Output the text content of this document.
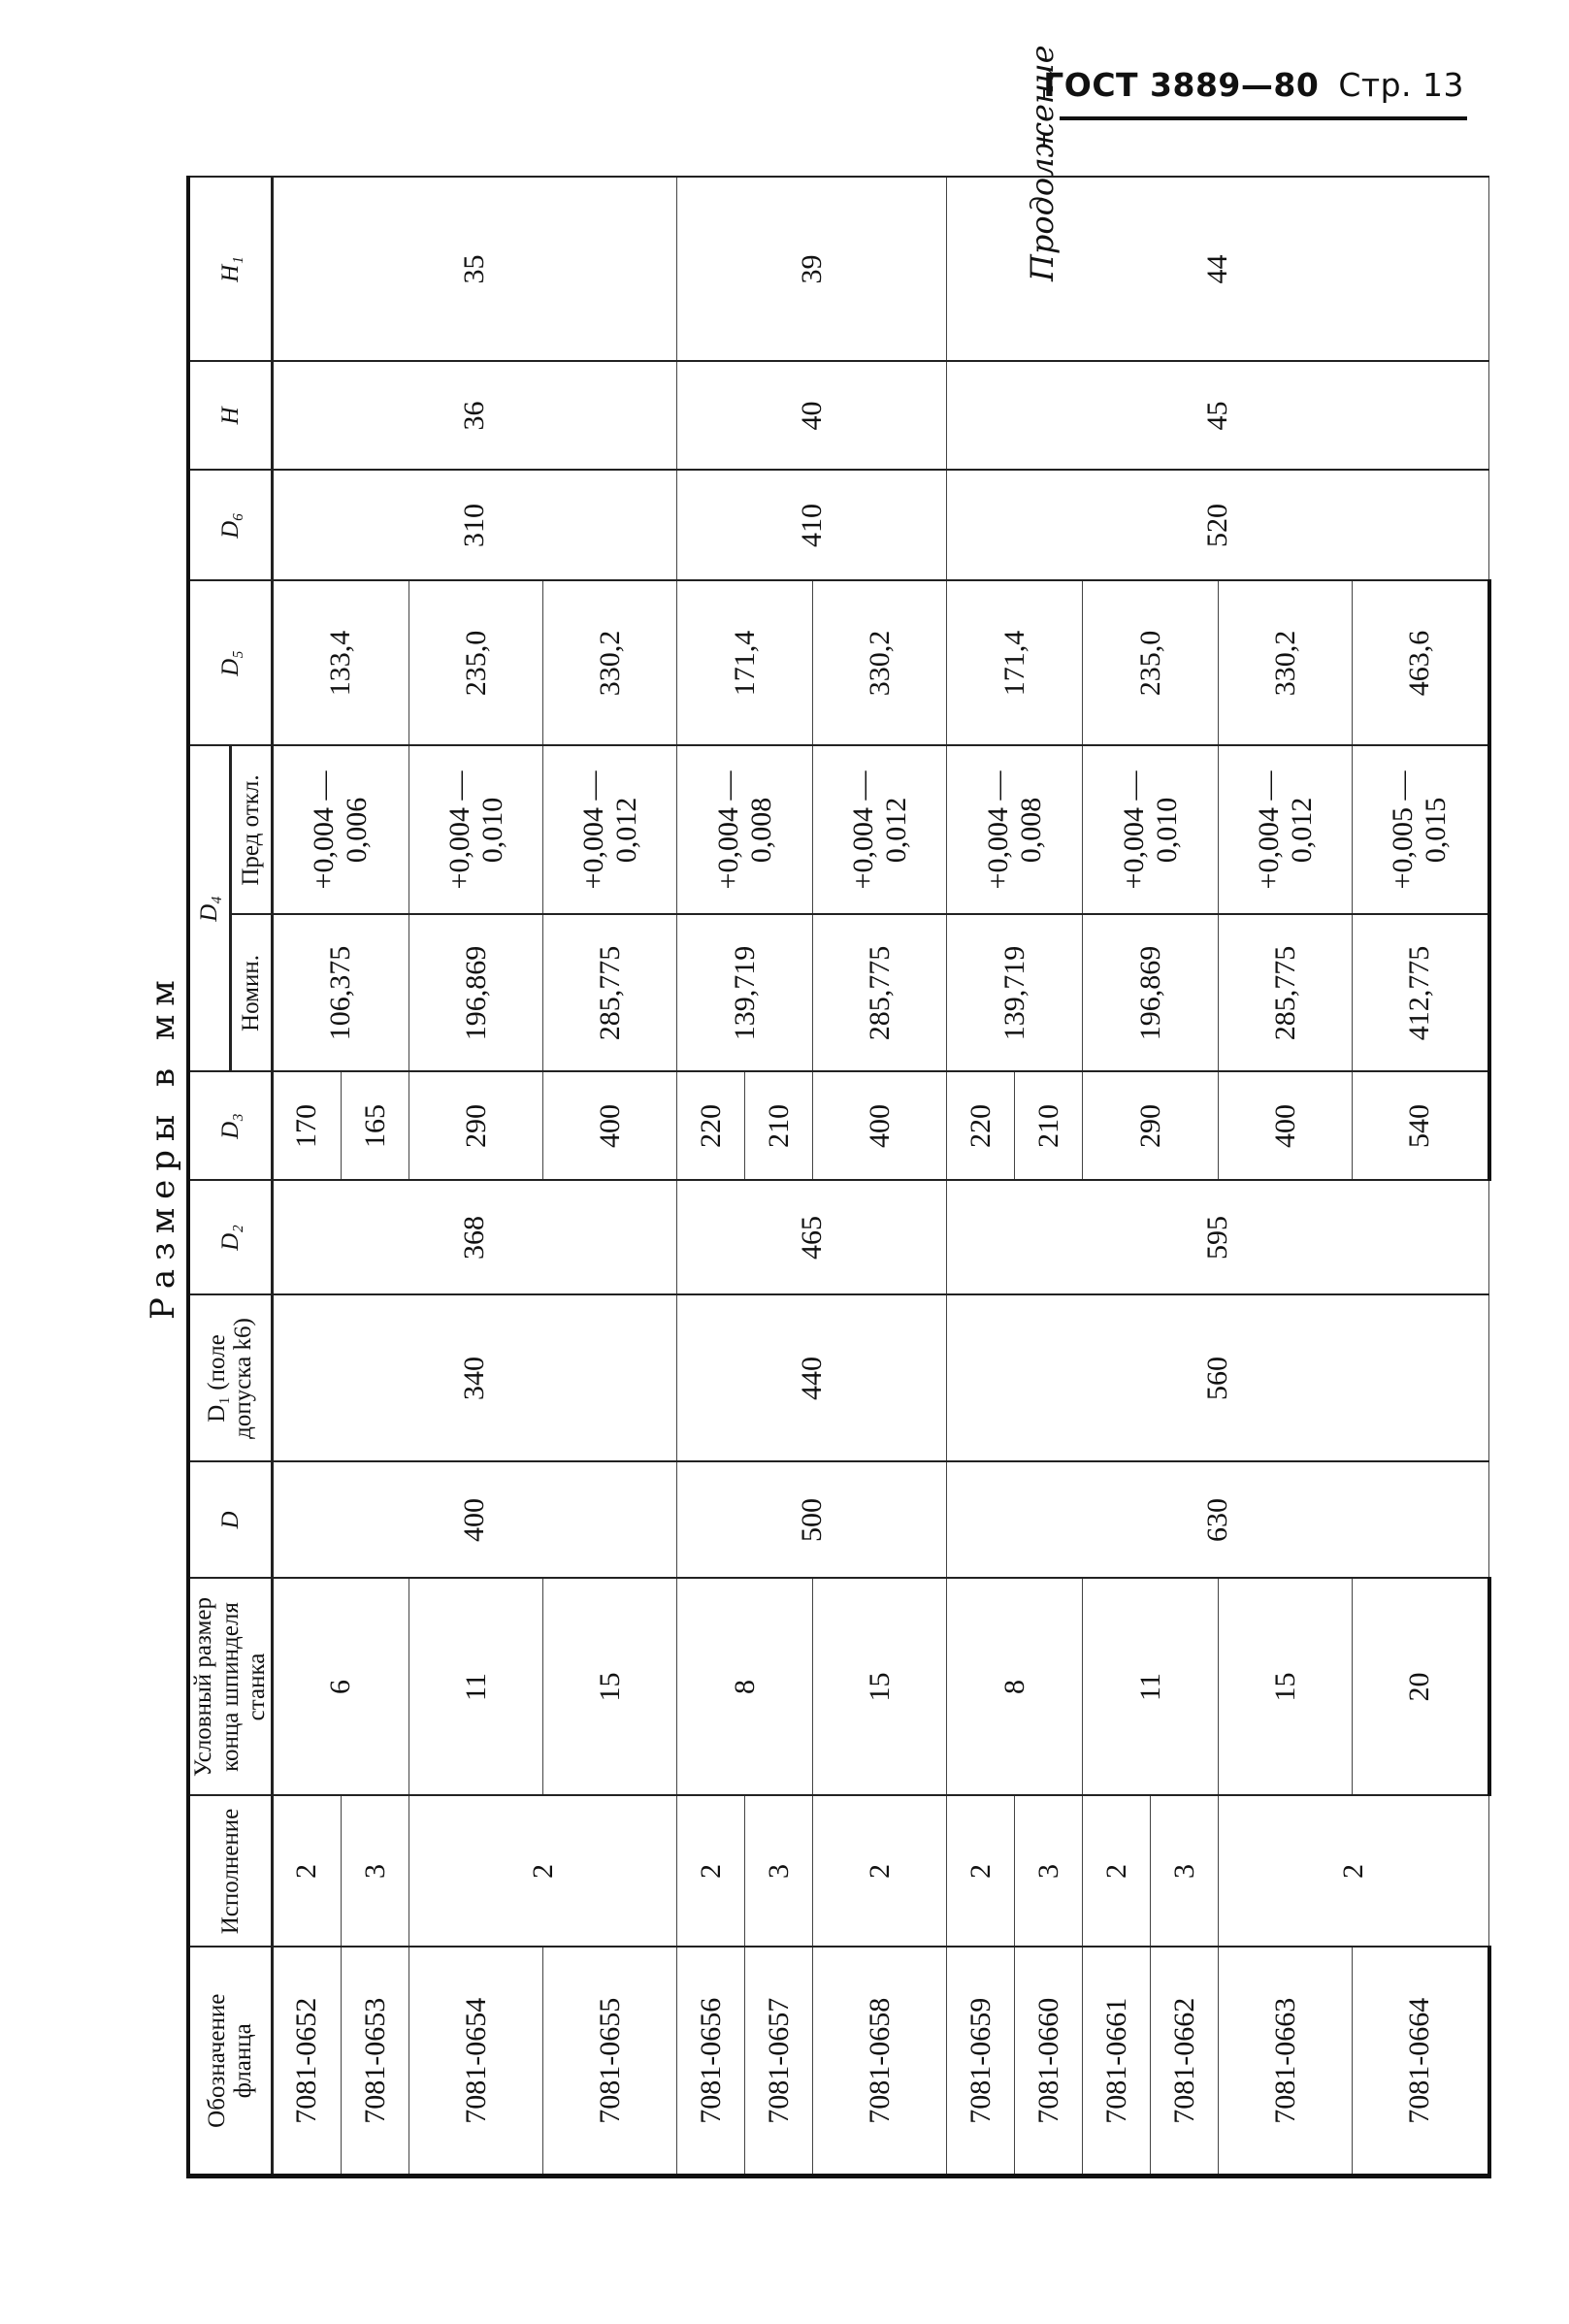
ГОСТ 3889—80 Стр. 13
Продолжение
Размеры в мм
Обозначение фланца	Исполнение	Условный размер конца шпинделя станка	D	D₁ (поле допуска k6)	D₂	D₃	D₄		D₅	D₆	H	H₁
							Номин.	Пред откл.				
7081-0652	2	6	400	340	368	170	106,375	+0,004 —0,006	133,4	310	36	35
7081-0653	3					165						
7081-0654	2	11				290	196,869	+0,004 —0,010	235,0			
7081-0655		15				400	285,775	+0,004 —0,012	330,2			
7081-0656	2	8	500	440	465	220	139,719	+0,004 —0,008	171,4	410	40	39
7081-0657	3					210						
7081-0658	2	15				400	285,775	+0,004 —0,012	330,2			
7081-0659	2	8	630	560	595	220	139,719	+0,004 —0,008	171,4	520	45	44
7081-0660	3					210						
7081-0661	2	11				290	196,869	+0,004 —0,010	235,0			
7081-0662	3											
7081-0663	2	15				400	285,775	+0,004 —0,012	330,2			
7081-0664		20				540	412,775	+0,005 —0,015	463,6			
